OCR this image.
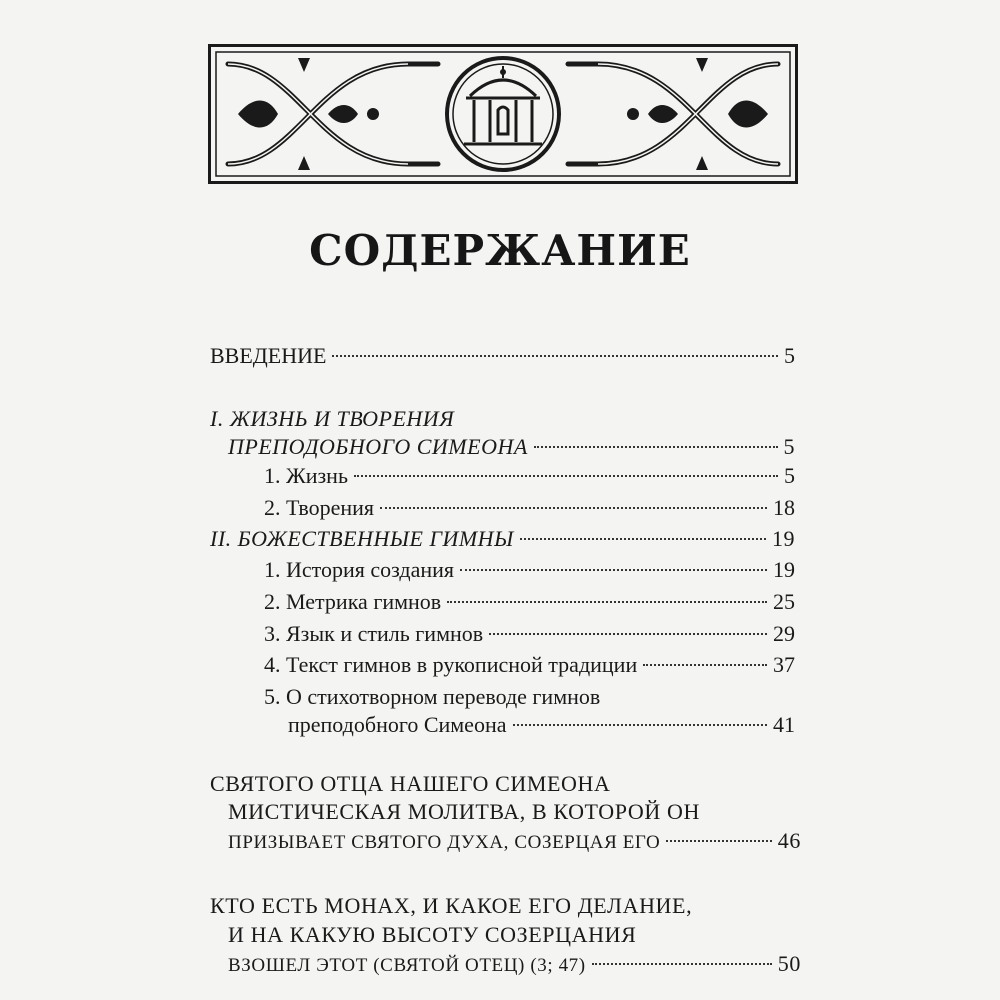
СОДЕРЖАНИЕ
ВВЕДЕНИЕ	5
I. ЖИЗНЬ И ТВОРЕНИЯ
ПРЕПОДОБНОГО СИМЕОНА	5
1. Жизнь	5
2. Творения	18
II. БОЖЕСТВЕННЫЕ ГИМНЫ	19
1. История создания	19
2. Метрика гимнов	25
3. Язык и стиль гимнов	29
4. Текст гимнов в рукописной традиции	37
5. О стихотворном переводе гимнов
преподобного Симеона	41
СВЯТОГО ОТЦА НАШЕГО СИМЕОНА
МИСТИЧЕСКАЯ МОЛИТВА, В КОТОРОЙ ОН
ПРИЗЫВАЕТ СВЯТОГО ДУХА, СОЗЕРЦАЯ ЕГО	46
КТО ЕСТЬ МОНАХ, И КАКОЕ ЕГО ДЕЛАНИЕ,
И НА КАКУЮ ВЫСОТУ СОЗЕРЦАНИЯ
ВЗОШЕЛ ЭТОТ (СВЯТОЙ ОТЕЦ) (3; 47)	50
